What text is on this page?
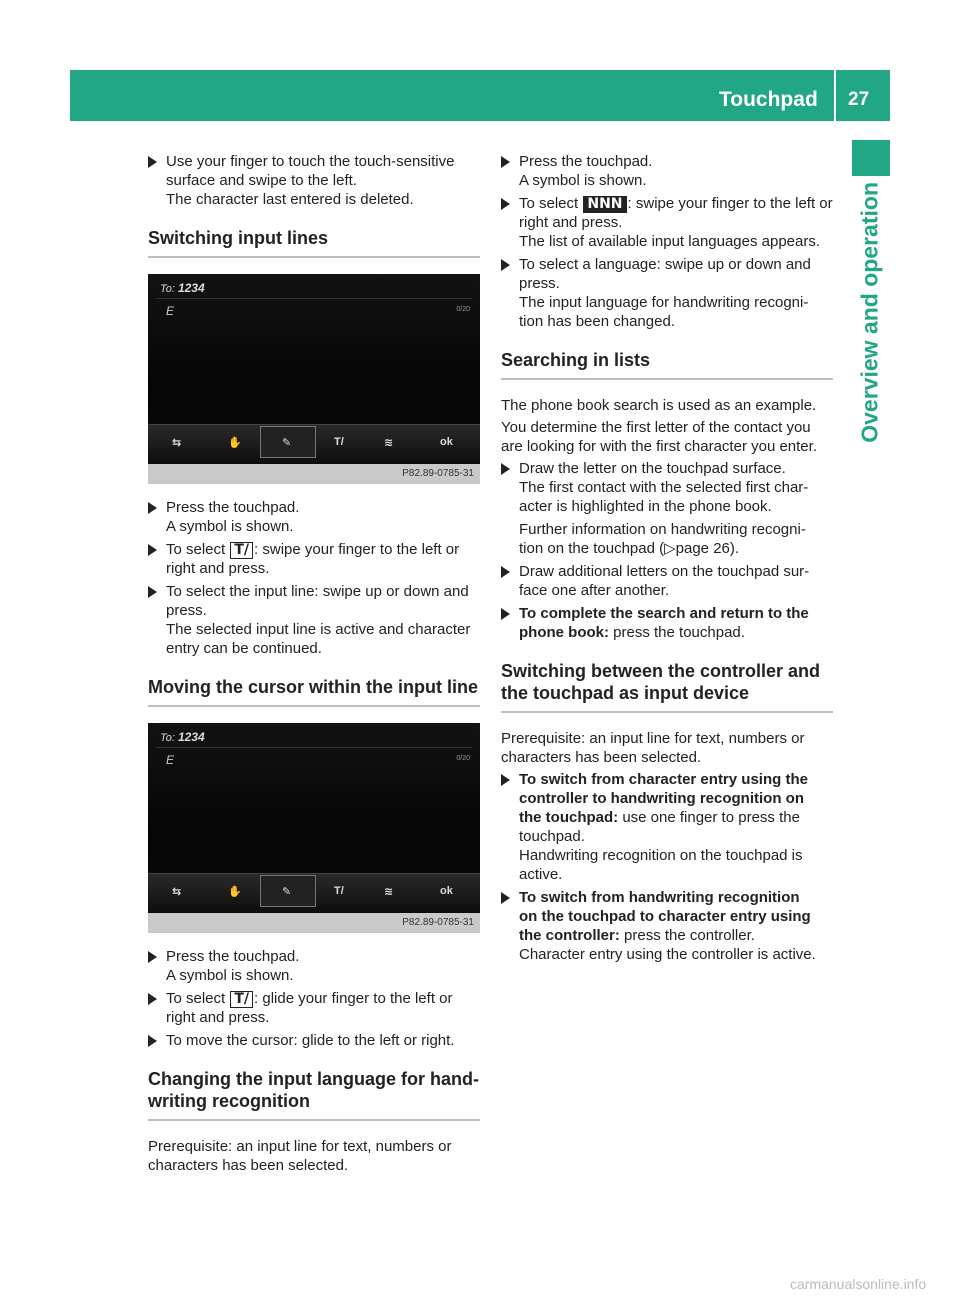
Touchpad 27
Overview and operation
Use your finger to touch the touch-sensitive
surface and swipe to the left.
The character last entered is deleted.
Switching input lines
To: 1234
E	0/20
⇆	✋	✎	T/	≋	ok
P82.89-0785-31
Press the touchpad.
A symbol is shown.
To select T/ : swipe your finger to the left or
right and press.
To select the input line: swipe up or down and
press.
The selected input line is active and character
entry can be continued.
Moving the cursor within the input line
To: 1234
E	0/20
⇆	✋	✎	T/	≋	ok
P82.89-0785-31
Press the touchpad.
A symbol is shown.
To select T/ : glide your finger to the left or
right and press.
To move the cursor: glide to the left or right.
Changing the input language for hand-
writing recognition
Prerequisite: an input line for text, numbers or
characters has been selected.
Press the touchpad.
A symbol is shown.
To select NNN : swipe your finger to the left or
right and press.
The list of available input languages appears.
To select a language: swipe up or down and
press.
The input language for handwriting recogni-
tion has been changed.
Searching in lists
The phone book search is used as an example.
You determine the first letter of the contact you
are looking for with the first character you enter.
Draw the letter on the touchpad surface.
The first contact with the selected first char-
acter is highlighted in the phone book.
Further information on handwriting recogni-
tion on the touchpad (▷page 26).
Draw additional letters on the touchpad sur-
face one after another.
To complete the search and return to the
phone book: press the touchpad.
Switching between the controller and
the touchpad as input device
Prerequisite: an input line for text, numbers or
characters has been selected.
To switch from character entry using the
controller to handwriting recognition on
the touchpad: use one finger to press the
touchpad.
Handwriting recognition on the touchpad is
active.
To switch from handwriting recognition
on the touchpad to character entry using
the controller: press the controller.
Character entry using the controller is active.
carmanualsonline.info
